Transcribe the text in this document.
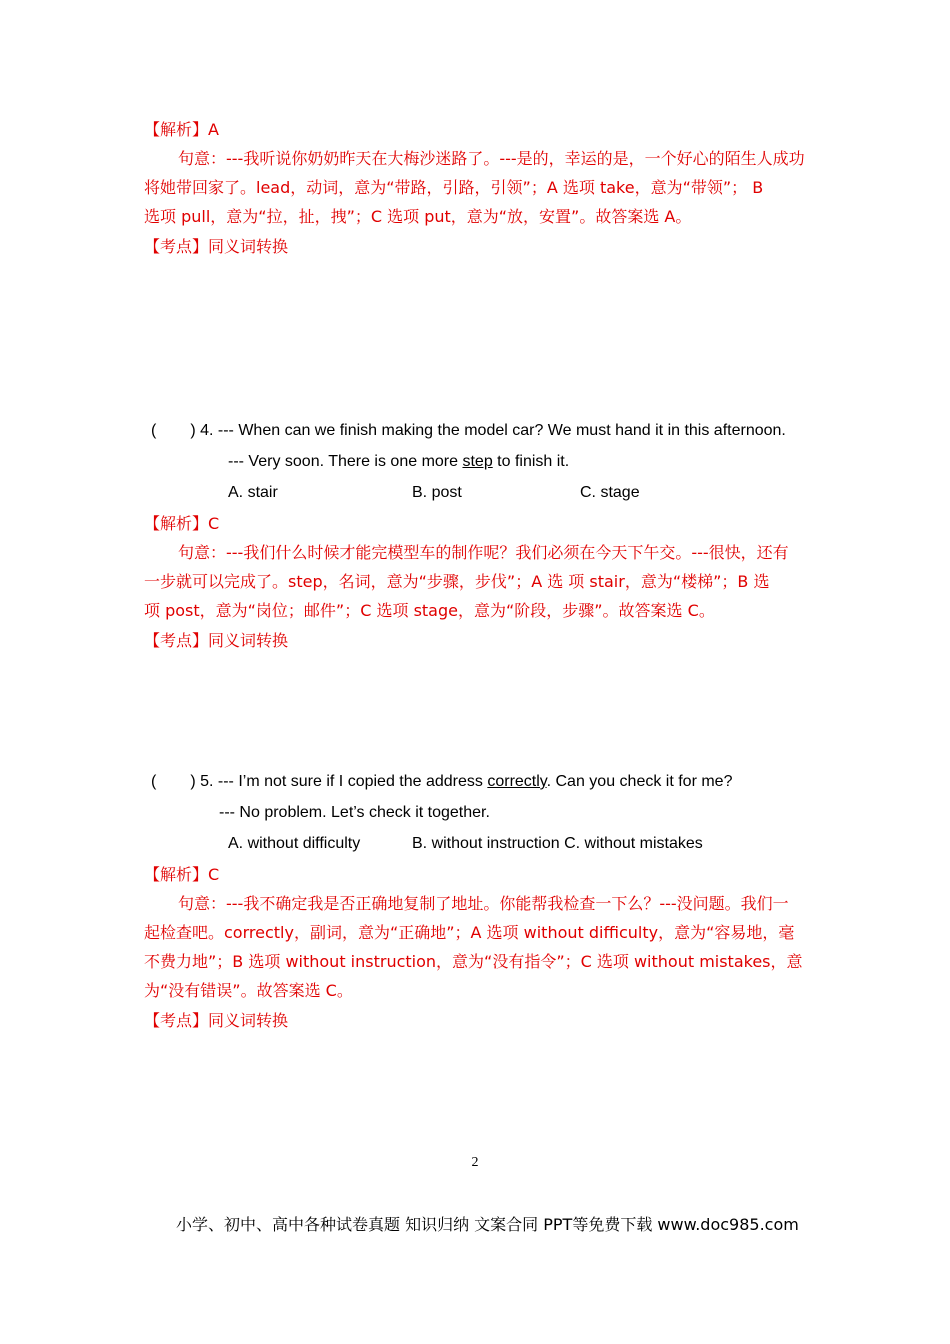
【解析】A
句意：---我听说你奶奶昨天在大梅沙迷路了。---是的，幸运的是，一个好心的陌生人成功
将她带回家了。lead，动词，意为“带路，引路，引领”；A 选项 take，意为“带领”； B
选项 pull，意为“拉，扯，拽”；C 选项 put，意为“放，安置”。故答案选 A。
【考点】同义词转换
( ) 4. --- When can we finish making the model car? We must hand it in this afternoon.
--- Very soon. There is one more step to finish it.
A. stair	B. post	C. stage
【解析】C
句意：---我们什么时候才能完模型车的制作呢？我们必须在今天下午交。---很快，还有
一步就可以完成了。step，名词，意为“步骤，步伐”；A 选 项 stair，意为“楼梯”；B 选
项 post，意为“岗位；邮件”；C 选项 stage，意为“阶段，步骤”。故答案选 C。
【考点】同义词转换
( ) 5. --- I’m not sure if I copied the address correctly. Can you check it for me?
--- No problem. Let’s check it together.
A. without difficulty	B. without instruction C. without mistakes
【解析】C
句意：---我不确定我是否正确地复制了地址。你能帮我检查一下么？---没问题。我们一
起检查吧。correctly，副词，意为“正确地”；A 选项 without difficulty，意为“容易地，毫
不费力地”；B 选项 without instruction，意为“没有指令”；C 选项 without mistakes，意
为“没有错误”。故答案选 C。
【考点】同义词转换
2
小学、初中、高中各种试卷真题 知识归纳 文案合同 PPT等免费下载 www.doc985.com
